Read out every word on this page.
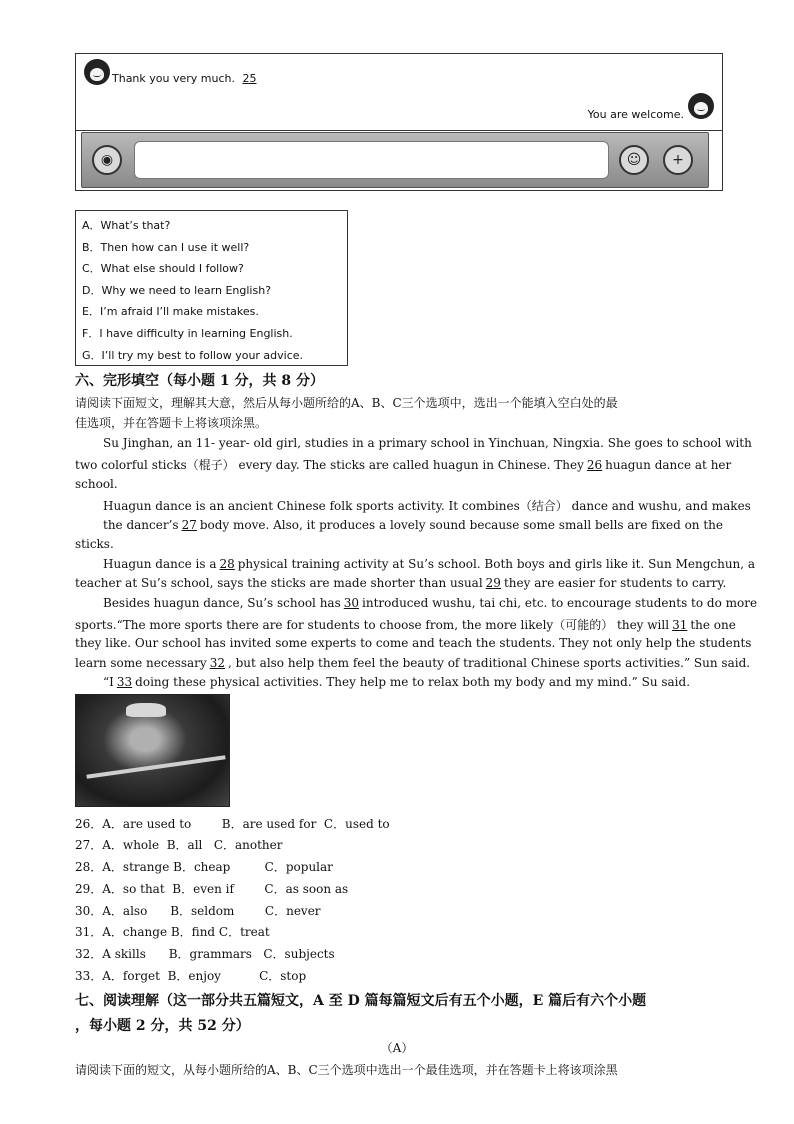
Thank you very much. 25
You are welcome.
◉	☺	+
A．What’s that?
B．Then how can I use it well?
C．What else should I follow?
D．Why we need to learn English?
E．I’m afraid I’ll make mistakes.
F．I have difficulty in learning English.
G．I’ll try my best to follow your advice.
六、完形填空（每小题 1 分，共 8 分）
请阅读下面短文，理解其大意，然后从每小题所给的A、B、C三个选项中，选出一个能填入空白处的最
佳选项，并在答题卡上将该项涂黑。
Su Jinghan, an 11- year- old girl, studies in a primary school in Yinchuan, Ningxia. She goes to school with
two colorful sticks（棍子） every day. The sticks are called huagun in Chinese. They 26 huagun dance at her
school.
Huagun dance is an ancient Chinese folk sports activity. It combines（结合） dance and wushu, and makes
the dancer’s 27 body move. Also, it produces a lovely sound because some small bells are fixed on the
sticks.
Huagun dance is a 28 physical training activity at Su’s school. Both boys and girls like it. Sun Mengchun, a
teacher at Su’s school, says the sticks are made shorter than usual 29 they are easier for students to carry.
Besides huagun dance, Su’s school has 30 introduced wushu, tai chi, etc. to encourage students to do more
sports.“The more sports there are for students to choose from, the more likely（可能的） they will 31 the one
they like. Our school has invited some experts to come and teach the students. They not only help the students
learn some necessary 32 , but also help them feel the beauty of traditional Chinese sports activities.” Sun said.
“I 33 doing these physical activities. They help me to relax both my body and my mind.” Su said.
26．A．are used to        B．are used for  C．used to
27．A．whole  B．all   C．another
28．A．strange B．cheap         C．popular
29．A．so that  B．even if        C．as soon as
30．A．also      B．seldom        C．never
31．A．change B．find C．treat
32．A skills      B．grammars   C．subjects
33．A．forget  B．enjoy          C．stop
七、阅读理解（这一部分共五篇短文，A 至 D 篇每篇短文后有五个小题，E 篇后有六个小题
，每小题 2 分，共 52 分）
（A）
请阅读下面的短文，从每小题所给的A、B、C三个选项中选出一个最佳选项，并在答题卡上将该项涂黑
